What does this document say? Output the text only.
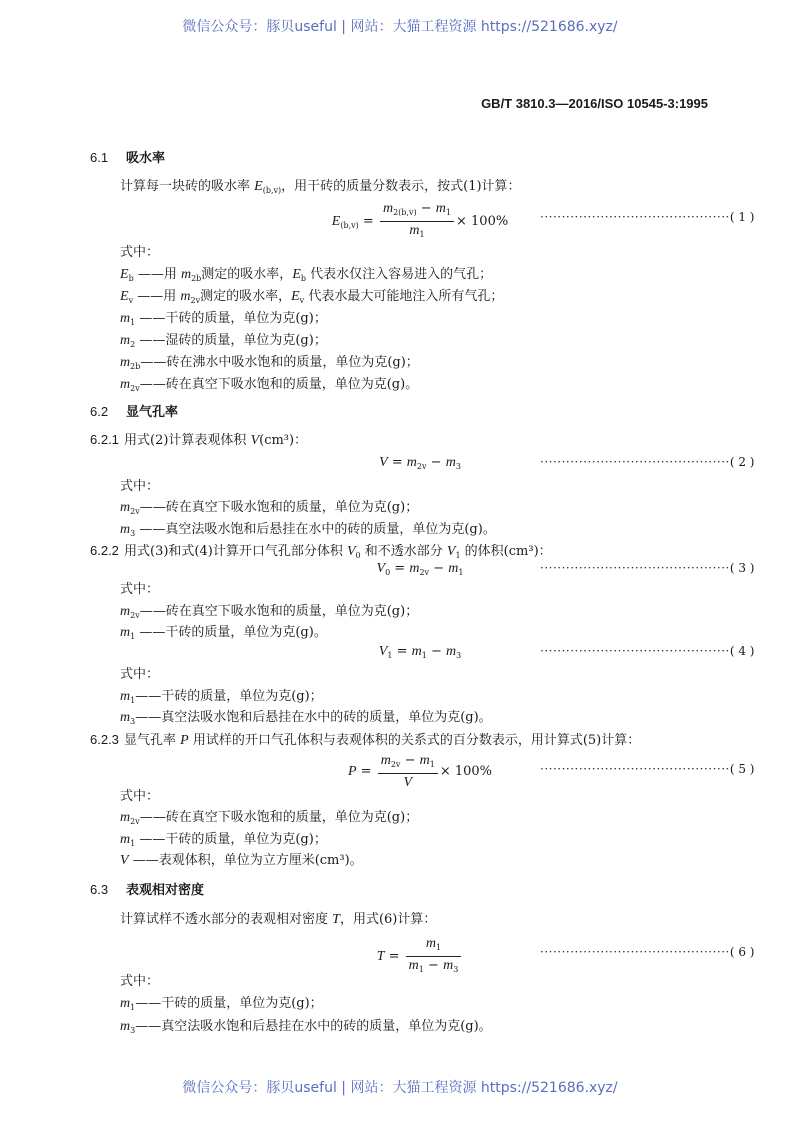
微信公众号：豚贝useful | 网站：大猫工程资源 https://521686.xyz/
GB/T 3810.3—2016/ISO 10545-3:1995
6.1 吸水率
计算每一块砖的吸水率 $E_{(b,v)}$，用干砖的质量分数表示，按式(1)计算：
$E_{(b,v)} = \frac{m_{2(b,v)} - m_1}{m_1} \times 100\%$	············································( 1 )
式中：
$E_b$ ——用 $m_{2b}$测定的吸水率，$E_b$ 代表水仅注入容易进入的气孔；
$E_v$ ——用 $m_{2v}$测定的吸水率，$E_v$ 代表水最大可能地注入所有气孔；
$m_1$ ——干砖的质量，单位为克(g)；
$m_2$ ——湿砖的质量，单位为克(g)；
$m_{2b}——$砖在沸水中吸水饱和的质量，单位为克(g)；
$m_{2v}——$砖在真空下吸水饱和的质量，单位为克(g)。
6.2 显气孔率
6.2.1 用式(2)计算表观体积 V(cm³)：
$V = m_{2v} - m_3$	············································( 2 )
式中：
$m_{2v}——$砖在真空下吸水饱和的质量，单位为克(g)；
$m_3$ ——真空法吸水饱和后悬挂在水中的砖的质量，单位为克(g)。
6.2.2 用式(3)和式(4)计算开口气孔部分体积 $V_0$ 和不透水部分 $V_1$ 的体积(cm³)：
$V_0 = m_{2v} - m_1$	············································( 3 )
式中：
$m_{2v}——$砖在真空下吸水饱和的质量，单位为克(g)；
$m_1$ ——干砖的质量，单位为克(g)。
$V_1 = m_1 - m_3$	············································( 4 )
式中：
$m_1——$干砖的质量，单位为克(g)；
$m_3——$真空法吸水饱和后悬挂在水中的砖的质量，单位为克(g)。
6.2.3 显气孔率 P 用试样的开口气孔体积与表观体积的关系式的百分数表示，用计算式(5)计算：
$P = \frac{m_{2v} - m_1}{V} \times 100\%$	············································( 5 )
式中：
$m_{2v}——$砖在真空下吸水饱和的质量，单位为克(g)；
$m_1$ ——干砖的质量，单位为克(g)；
V ——表观体积，单位为立方厘米(cm³)。
6.3 表观相对密度
计算试样不透水部分的表观相对密度 T，用式(6)计算：
$T = \frac{m_1}{m_1 - m_3}$	············································( 6 )
式中：
$m_1——$干砖的质量，单位为克(g)；
$m_3——$真空法吸水饱和后悬挂在水中的砖的质量，单位为克(g)。
微信公众号：豚贝useful | 网站：大猫工程资源 https://521686.xyz/
